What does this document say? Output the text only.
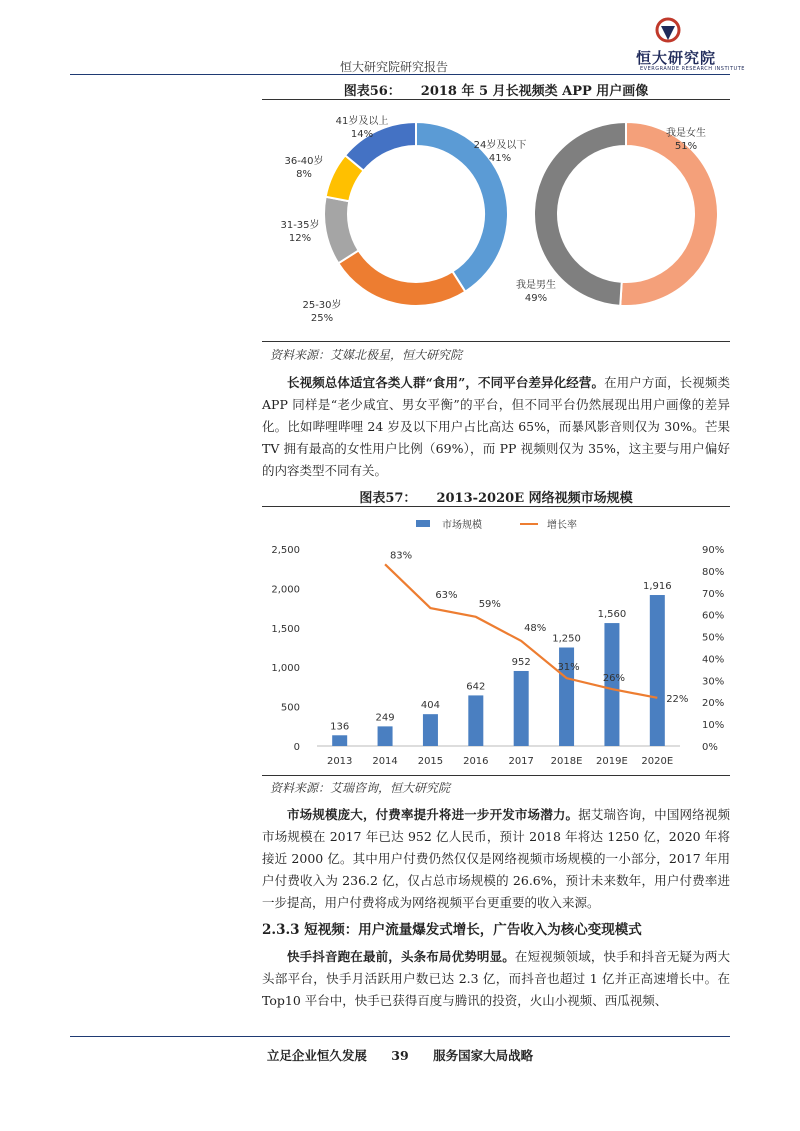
恒大研究院研究报告	恒大研究院
EVERGRANDE RESEARCH INSTITUTE
图表56： 2018 年 5 月长视频类 APP 用户画像
24岁及以下
41%
25-30岁
25%
31-35岁
12%
36-40岁
8%
41岁及以上
14%	我是女生
51%
我是男生
49%
资料来源：艾媒北极星，恒大研究院
长视频总体适宜各类人群“食用”，不同平台差异化经营。在用户方面，长视频类 APP 同样是“老少咸宜、男女平衡”的平台，但不同平台仍然展现出用户画像的差异化。比如哔哩哔哩 24 岁及以下用户占比高达 65%，而暴风影音则仅为 30%。芒果 TV 拥有最高的女性用户比例（69%），而 PP 视频则仅为 35%，这主要与用户偏好的内容类型不同有关。
图表57： 2013-2020E 网络视频市场规模
市场规模	增长率
0
500
1,000
1,500
2,000
2,500
0%
10%
20%
30%
40%
50%
60%
70%
80%
90%
136
2013
249
2014
404
2015
642
2016
952
2017
1,250
2018E
1,560
2019E
1,916
2020E
83%
63%
59%
48%
31%
26%
22%
资料来源：艾瑞咨询，恒大研究院
市场规模庞大，付费率提升将进一步开发市场潜力。据艾瑞咨询，中国网络视频市场规模在 2017 年已达 952 亿人民币，预计 2018 年将达 1250 亿，2020 年将接近 2000 亿。其中用户付费仍然仅仅是网络视频市场规模的一小部分，2017 年用户付费收入为 236.2 亿，仅占总市场规模的 26.6%，预计未来数年，用户付费率进一步提高，用户付费将成为网络视频平台更重要的收入来源。
2.3.3 短视频：用户流量爆发式增长，广告收入为核心变现模式
快手抖音跑在最前，头条布局优势明显。在短视频领域，快手和抖音无疑为两大头部平台，快手月活跃用户数已达 2.3 亿，而抖音也超过 1 亿并正高速增长中。在 Top10 平台中，快手已获得百度与腾讯的投资，火山小视频、西瓜视频、
立足企业恒久发展 39 服务国家大局战略
